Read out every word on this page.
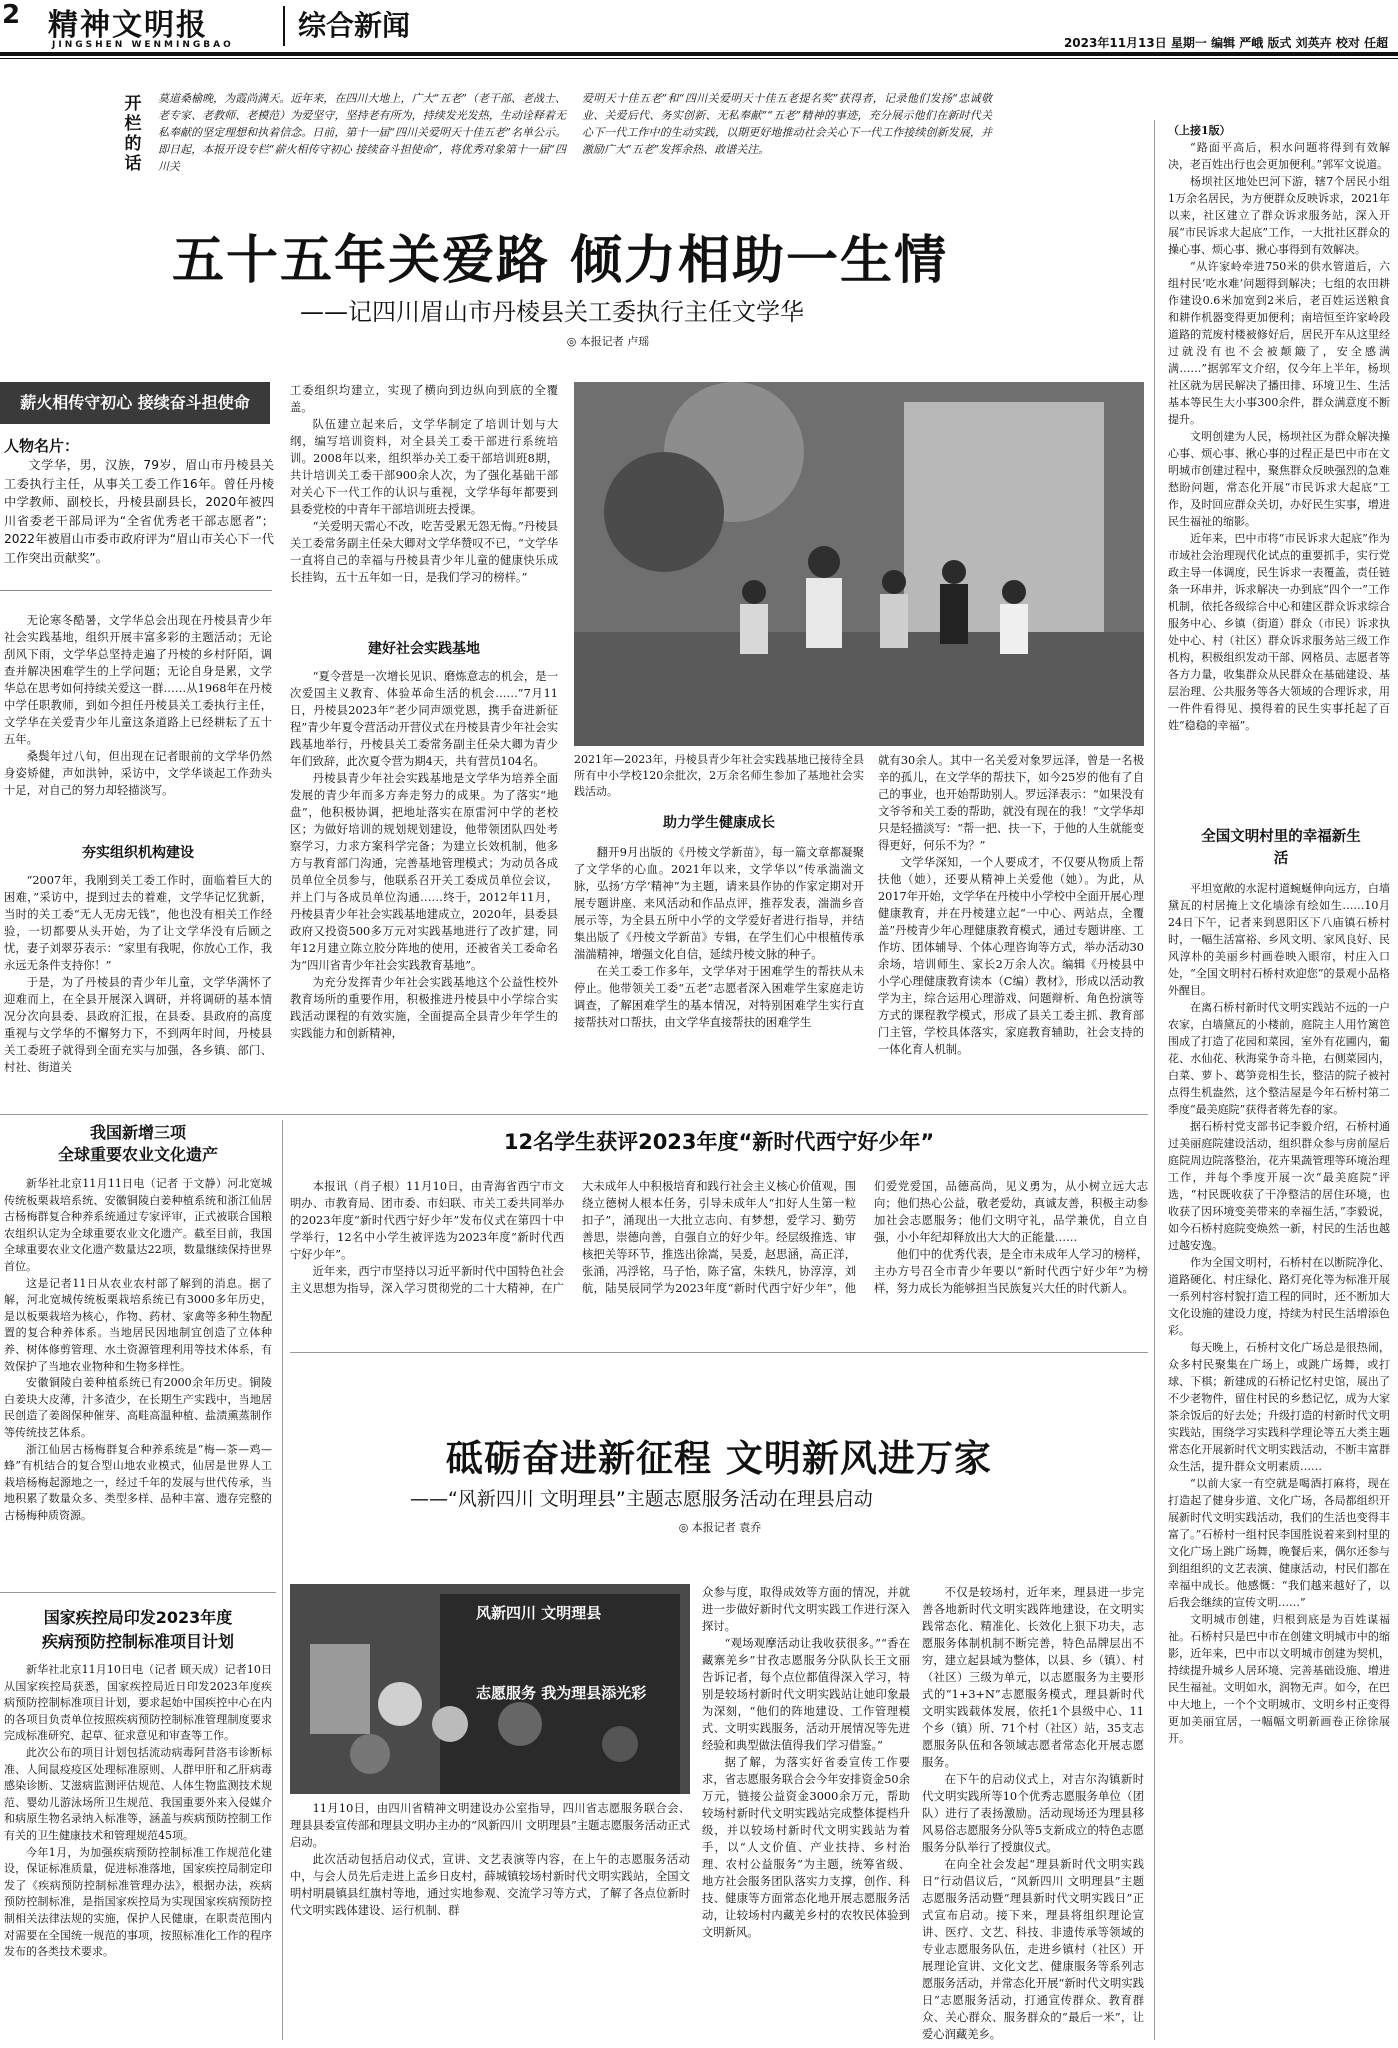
2 精神文明报
JINGSHEN WENMINGBAO
综合新闻
2023年11月13日 星期一 编辑 严峨 版式 刘英卉 校对 任超
开栏的话
莫道桑榆晚，为霞尚满天。近年来，在四川大地上，广大“五老”（老干部、老战士、老专家、老教师、老模范）为爱坚守，坚持老有所为，持续发光发热，生动诠释着无私奉献的坚定理想和执着信念。日前，第十一届“四川关爱明天十佳五老”名单公示。即日起，本报开设专栏“薪火相传守初心 接续奋斗担使命”，将优秀对象第十一届“四川关
爱明天十佳五老”和“四川关爱明天十佳五老提名奖”获得者，记录他们发扬“忠诚敬业、关爱后代、务实创新、无私奉献”“五老”精神的事迹，充分展示他们在新时代关心下一代工作中的生动实践，以期更好地推动社会关心下一代工作接续创新发展，并激励广大“五老”发挥余热、敢谱关注。
五十五年关爱路 倾力相助一生情
——记四川眉山市丹棱县关工委执行主任文学华
◎ 本报记者 卢瑶
薪火相传守初心 接续奋斗担使命
人物名片：
文学华，男，汉族，79岁，眉山市丹棱县关工委执行主任，从事关工委工作16年。曾任丹棱中学教师、副校长，丹棱县副县长，2020年被四川省委老干部局评为“全省优秀老干部志愿者”；2022年被眉山市委市政府评为“眉山市关心下一代工作突出贡献奖”。

无论寒冬酷暑，文学华总会出现在丹棱县青少年社会实践基地，组织开展丰富多彩的主题活动；无论刮风下雨，文学华总坚持走遍了丹棱的乡村阡陌，调查并解决困难学生的上学问题；无论自身是累，文学华总在思考如何持续关爱这一群……从1968年在丹棱中学任职教师，到如今担任丹棱县关工委执行主任，文学华在关爱青少年儿童这条道路上已经耕耘了五十五年。

桑鬓年过八旬，但出现在记者眼前的文学华仍然身姿矫健，声如洪钟，采访中，文学华谈起工作劲头十足，对自己的努力却轻描淡写。

夯实组织机构建设

“2007年，我刚到关工委工作时，面临着巨大的困难，”采访中，提到过去的着难，文学华记忆犹新，当时的关工委“无人无房无钱”，他也没有相关工作经验，一切都要从头开始，为了让文学华没有后顾之忧，妻子刘翠芬表示：“家里有我呢，你放心工作，我永远无条件支持你！”

于是，为了丹棱县的青少年儿童，文学华满怀了迎难而上，在全县开展深入调研，并将调研的基本情况分次向县委、县政府汇报，在县委、县政府的高度重视与文学华的不懈努力下，不到两年时间，丹棱县关工委班子就得到全面充实与加强，各乡镇、部门、村社、街道关

工委组织均建立，实现了横向到边纵向到底的全覆盖。

队伍建立起来后，文学华制定了培训计划与大纲，编写培训资料，对全县关工委干部进行系统培训。2008年以来，组织举办关工委干部培训班8期，共计培训关工委干部900余人次，为了强化基础干部对关心下一代工作的认识与重视，文学华每年都要到县委党校的中青年干部培训班去授课。

“关爱明天需心不改，吃苦受累无怨无悔。”丹棱县关工委常务副主任朵大卿对文学华赞叹不已，“文学华一直将自己的幸福与丹棱县青少年儿童的健康快乐成长挂钩，五十五年如一日，是我们学习的榜样。”

建好社会实践基地

“夏令营是一次增长见识、磨炼意志的机会，是一次爱国主义教育、体验革命生活的机会……”7月11日，丹棱县2023年“老少同声颂党恩，携手奋进新征程”青少年夏令营活动开营仪式在丹棱县青少年社会实践基地举行，丹棱县关工委常务副主任朵大卿为青少年们致辞，此次夏令营为期4天，共有营员104名。

丹棱县青少年社会实践基地是文学华为培养全面发展的青少年而多方奔走努力的成果。为了落实“地盘”，他积极协调，把地址落实在原雷河中学的老校区；为做好培训的规划规划建设，他带领团队四处考察学习，力求方案科学完备；为建立长效机制，他多方与教育部门沟通，完善基地管理模式；为动员各成员单位全员参与，他联系召开关工委成员单位会议，并上门与各成员单位沟通……终于，2012年11月，丹棱县青少年社会实践基地建成立，2020年，县委县政府又投资500多万元对实践基地进行了改扩建，同年12月建立陈立胶分阵地的使用，还被省关工委命名为“四川省青少年社会实践教育基地”。

为充分发挥青少年社会实践基地这个公益性校外教育场所的重要作用，积极推进丹棱县中小学综合实践活动课程的有效实施，全面提高全县青少年学生的实践能力和创新精神，

2021年—2023年，丹棱县青少年社会实践基地已接待全县所有中小学校120余批次，2万余名师生参加了基地社会实践活动。
助力学生健康成长

翻开9月出版的《丹棱文学新苗》，每一篇文章都凝聚了文学华的心血。2021年以来，文学华以“传承湍湍文脉，弘扬‘方学’精神”为主题，请来县作协的作家定期对开展专题讲座、来风活动和作品点评，推荐发表，湍湍乡音展示等，为全县五所中小学的文学爱好者进行指导，并结集出版了《丹棱文学新苗》专辑，在学生们心中根植传承湍湍精神，增强文化自信，延续丹棱文脉的种子。

在关工委工作多年，文学华对于困难学生的帮扶从未停止。他带领关工委“五老”志愿者深入困难学生家庭走访调查，了解困难学生的基本情况，对特别困难学生实行直接帮扶对口帮扶，由文学华直接帮扶的困难学生

就有30余人。其中一名关爱对象罗远泽，曾是一名极辛的孤儿，在文学华的帮扶下，如今25岁的他有了自己的事业，也开始帮助别人。罗远泽表示：“如果没有文爷爷和关工委的帮助，就没有现在的我！”文学华却只是轻描淡写：“帮一把、扶一下，于他的人生就能变得更好，何乐不为？”

文学华深知，一个人要成才，不仅要从物质上帮扶他（她），还要从精神上关爱他（她）。为此，从2017年开始，文学华在丹棱中小学校中全面开展心理健康教育，并在丹棱建立起“一中心、两站点，全覆盖”丹棱青少年心理健康教育模式，通过专题讲座、工作坊、团体辅导、个体心理咨询等方式，举办活动30余场，培训师生、家长2万余人次。编辑《丹棱县中小学心理健康教育读本（C编）教材》，形成以活动教学为主，综合运用心理游戏、问题辩析、角色扮演等方式的课程教学模式，形成了县关工委主抓、教育部门主管，学校具体落实，家庭教育辅助，社会支持的一体化育人机制。

（上接1版）

“路面平高后，积水问题将得到有效解决，老百姓出行也会更加便利。”郭军文说道。

杨坝社区地处巴河下游，辖7个居民小组1万余名居民，为方便群众反映诉求，2021年以来，社区建立了群众诉求服务站，深入开展“市民诉求大起底”工作，一大批社区群众的操心事、烦心事、揪心事得到有效解决。

“从许家岭牵进750米的供水管道后，六组村民‘吃水难’问题得到解决；七组的农田耕作建设0.6米加宽到2米后，老百姓运送粮食和耕作机器变得更加便利；南培恒至许家岭段道路的荒废村楼被修好后，居民开车从这里经过就没有也不会被颠簸了，安全感满满……”据郭军文介绍，仅今年上半年，杨坝社区就为居民解决了播田排、环境卫生、生活基本等民生大小事300余件，群众满意度不断提升。

文明创建为人民，杨坝社区为群众解决操心事、烦心事、揪心事的过程正是巴中市在文明城市创建过程中，聚焦群众反映强烈的急难愁盼问题，常态化开展“市民诉求大起底”工作，及时回应群众关切，办好民生实事，增进民生福祉的缩影。

近年来，巴中市将“市民诉求大起底”作为市域社会治理现代化试点的重要抓手，实行党政主导一体调度，民生诉求一表覆盖，责任链条一环串并，诉求解决一办到底“四个一”工作机制，依托各级综合中心和建区群众诉求综合服务中心、乡镇（街道）群众（市民）诉求执处中心、村（社区）群众诉求服务站三级工作机构，积极组织发动干部、网格员、志愿者等各方力量，收集群众从民群众在基础建设、基层治理、公共服务等各大领域的合理诉求，用一件件看得见、摸得着的民生实事托起了百姓“稳稳的幸福”。

全国文明村里的幸福新生活

平坦宽敞的水泥村道蜿蜒伸向远方，白墙黛瓦的村居掩上文化墙涂有绘如生……10月24日下午，记者来到恩阳区下八庙镇石桥村时，一幅生活富裕、乡风文明、家风良好、民风淳朴的美丽乡村画卷映入眼帘，村庄入口处，“全国文明村石桥村欢迎您”的景观小品格外醒目。

在离石桥村新时代文明实践站不远的一户农家，白墙黛瓦的小楼前，庭院主人用竹篱笆围成了打造了花园和菜园，室外有花圃内，葡花、水仙花、秋海棠争奇斗艳，右侧菜园内，白菜、萝卜、葛笋竞相生长，整洁的院子被衬点得生机盎然，这个整洁屋是今年石桥村第二季度“最美庭院”获得者蒋先春的家。

据石桥村党支部书记李毅介绍，石桥村通过美丽庭院建设活动，组织群众参与房前屋后庭院周边院落整治，花卉果蔬管理等环境治理工作，并每个季度开展一次“最美庭院”评选，“村民既收获了干净整洁的居住环境，也收获了因环境变美带来的幸福生活，”李毅说，如今石桥村庭院变焕然一新，村民的生活也越过越安逸。

作为全国文明村，石桥村在以断院净化、道路硬化、村庄绿化、路灯亮化等为标准开展一系列村容村貌打造工程的同时，还不断加大文化设施的建设力度，持续为村民生活增添色彩。

每天晚上，石桥村文化广场总是很热闹，众多村民聚集在广场上，或跳广场舞，或打球、下棋；新建成的石桥记忆村史馆，展出了不少老物件，留住村民的乡愁记忆，成为大家茶余饭后的好去处；升级打造的村新时代文明实践站，围绕学习实践科学理论等五大类主题常态化开展新时代文明实践活动，不断丰富群众生活，提升群众文明素质……

“以前大家一有空就是喝酒打麻将，现在打造起了健身步道、文化广场，各局都组织开展新时代文明实践活动，我们的生活也变得丰富了。”石桥村一组村民李国胜说着来到村里的文化广场上跳广场舞，晚餐后来，偶尔还参与到组组织的文艺表演、健康活动，村民们都在幸福中成长。他感慨：“我们越来越好了，以后我会继续的宣传文明……”

文明城市创建，归根到底是为百姓谋福祉。石桥村只是巴中市在创建文明城市中的缩影，近年来，巴中市以文明城市创建为契机，持续提升城乡人居环境、完善基础设施、增进民生福祉。文明如水，润物无声。如今，在巴中大地上，一个个文明城市、文明乡村正变得更加美丽宜居，一幅幅文明新画卷正徐徐展开。

我国新增三项
全球重要农业文化遗产

新华社北京11月11日电（记者 于文静）河北宽城传统板栗栽培系统、安徽铜陵白姜种植系统和浙江仙居古杨梅群复合种养系统通过专家评审，正式被联合国粮农组织认定为全球重要农业文化遗产。截至目前，我国全球重要农业文化遗产数量达22项，数量继续保持世界首位。

这是记者11日从农业农村部了解到的消息。据了解，河北宽城传统板栗栽培系统已有3000多年历史，是以板栗栽培为核心，作物、药材、家禽等多种生物配置的复合种养体系。当地居民因地制宜创造了立体种养、树体修剪管理、水土资源管理利用等技术体系，有效保护了当地农业物种和生物多样性。

安徽铜陵白姜种植系统已有2000余年历史。铜陵白姜块大皮薄，汁多渣少，在长期生产实践中，当地居民创造了姜阁保种催芽、高畦高温种植、盐渍熏蒸制作等传统技艺体系。

浙江仙居古杨梅群复合种养系统是“梅—茶—鸡—蜂”有机结合的复合型山地农业模式，仙居是世界人工栽培杨梅起源地之一，经过千年的发展与世代传承，当地积累了数量众多、类型多样、品种丰富、遗存完整的古杨梅种质资源。

国家疾控局印发2023年度
疾病预防控制标准项目计划

新华社北京11月10日电（记者 顾天成）记者10日从国家疾控局获悉，国家疾控局近日印发2023年度疾病预防控制标准项目计划，要求起始中国疾控中心在内的各项目负责单位按照疾病预防控制标准管理制度要求完成标准研究、起草、征求意见和审查等工作。

此次公布的项目计划包括流动病毒阿昔洛韦诊断标准、人间鼠疫疫区处理标准原则、人群甲肝和乙肝病毒感染诊断、艾滋病监测评估规范、人体生物监测技术规范、婴幼儿游泳场所卫生规范、我国重要外来入侵媒介和病原生物名录纳入标准等，涵盖与疾病预防控制工作有关的卫生健康技术和管理规范45项。

今年1月，为加强疾病预防控制标准工作规范化建设，保证标准质量，促进标准落地，国家疾控局制定印发了《疾病预防控制标准管理办法》，根据办法，疾病预防控制标准，是指国家疾控局为实现国家疾病预防控制相关法律法规的实施，保护人民健康，在职责范围内对需要在全国统一规范的事项，按照标准化工作的程序发布的各类技术要求。

12名学生获评2023年度“新时代西宁好少年”

本报讯（肖子根）11月10日，由青海省西宁市文明办、市教育局、团市委、市妇联、市关工委共同举办的2023年度“新时代西宁好少年”发布仪式在第四十中学举行，12名中小学生被评选为2023年度“新时代西宁好少年”。

近年来，西宁市坚持以习近平新时代中国特色社会主义思想为指导，深入学习贯彻党的二十大精神，在广大未成年人中积极培育和践行社会主义核心价值观，围绕立德树人根本任务，引导未成年人“扣好人生第一粒扣子”，涌现出一大批立志向、有梦想，爱学习、勤劳善思，崇德向善，自强自立的好少年。经层级推选、审核把关等环节，推选出徐嵩，吴爰，赵思涵，高正洋，张涌，冯浮铭，马子怡，陈子富，朱轶凡，协淳淳，刘航，陆昊辰同学为2023年度“新时代西宁好少年”，他们爱党爱国，品德高尚，见义勇为，从小树立远大志向；他们热心公益，敬老爱幼，真诚友善，积极主动参加社会志愿服务；他们文明守礼，品学兼优，自立自强，小小年纪却释放出大大的正能量……

他们中的优秀代表，是全市未成年人学习的榜样，主办方号召全市青少年要以“新时代西宁好少年”为榜样，努力成长为能够担当民族复兴大任的时代新人。

砥砺奋进新征程 文明新风进万家
——“风新四川 文明理县”主题志愿服务活动在理县启动
◎ 本报记者 袁乔
风新四川 文明理县
志愿服务 我为理县添光彩

11月10日，由四川省精神文明建设办公室指导，四川省志愿服务联合会、理县县委宣传部和理县文明办主办的“风新四川 文明理县”主题志愿服务活动正式启动。

此次活动包括启动仪式，宣讲、文艺表演等内容，在上午的志愿服务活动中，与会人员先后走进上孟乡日皮村，薛城镇较场村新时代文明实践站，全国文明村明晨镇县红旗村等地，通过实地参观、交流学习等方式，了解了各点位新时代文明实践体建设、运行机制、群

众参与度，取得成效等方面的情况，并就进一步做好新时代文明实践工作进行深入探讨。

“观场观摩活动让我收获很多。”“香在藏寨羌乡”甘孜志愿服务分队队长王文丽告诉记者，每个点位都值得深入学习，特别是较场村新时代文明实践站让她印象最为深刻，“他们的阵地建设、工作管理模式、文明实践服务，活动开展情况等先进经验和典型做法值得我们学习借鉴。”

据了解，为落实好省委宣传工作要求，省志愿服务联合会今年安排资金50余万元，链接公益资金3000余万元，帮助较场村新时代文明实践站完成整体提档升级，并以较场村新时代文明实践站为着手，以“人文价值、产业扶持、乡村治理、农村公益服务”为主题，统筹省级、地方社会服务团队落实力支撑，创作、科技、健康等方面常态化地开展志愿服务活动，让较场村内藏羌乡村的农牧民体验到文明新风。

不仅是较场村，近年来，理县进一步完善各地新时代文明实践阵地建设，在文明实践常态化、精准化、长效化上狠下功夫，志愿服务体制机制不断完善，特色品牌层出不穷，建立起县域为整体，以县、乡（镇）、村（社区）三级为单元，以志愿服务为主要形式的“1+3+N”志愿服务模式，理县新时代文明实践载体发展，依托1个县级中心、11个乡（镇）所、71个村（社区）站，35支志愿服务队伍和各领域志愿者常态化开展志愿服务。

在下午的启动仪式上，对吉尔沟镇新时代文明实践所等10个优秀志愿服务单位（团队）进行了表扬激励。活动现场还为理县移风易俗志愿服务分队等5支新成立的特色志愿服务分队举行了授旗仪式。

在向全社会发起“理县新时代文明实践日”行动倡议后，“风新四川 文明理县”主题志愿服务活动暨“理县新时代文明实践日”正式宣布启动。接下来，理县将组织理论宣讲、医疗、文艺、科技、非遗传承等领域的专业志愿服务队伍，走进乡镇村（社区）开展理论宣讲、文化文艺、健康服务等系列志愿服务活动，并常态化开展“新时代文明实践日”志愿服务活动，打通宣传群众、教育群众、关心群众、服务群众的“最后一米”，让爱心润藏羌乡。
